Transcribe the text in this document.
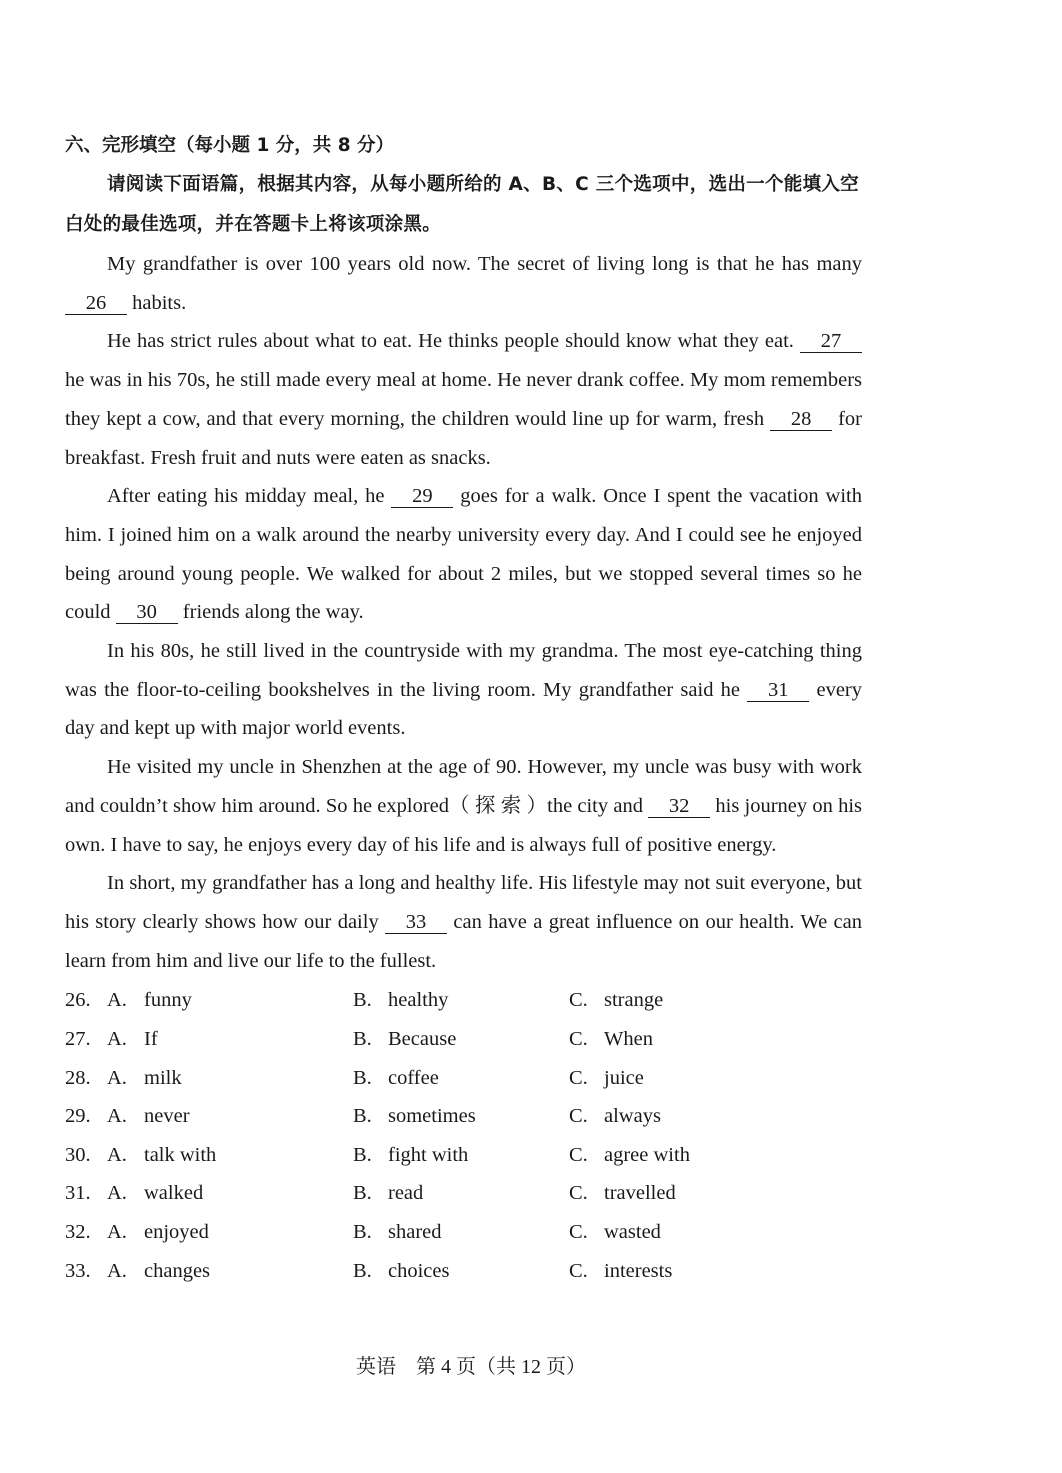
六、完形填空（每小题 1 分，共 8 分）

请阅读下面语篇，根据其内容，从每小题所给的 A、B、C 三个选项中，选出一个能填入空白处的最佳选项，并在答题卡上将该项涂黑。

My grandfather is over 100 years old now. The secret of living long is that he has many 26 habits.

He has strict rules about what to eat. He thinks people should know what they eat. 27 he was in his 70s, he still made every meal at home. He never drank coffee. My mom remembers they kept a cow, and that every morning, the children would line up for warm, fresh 28 for breakfast. Fresh fruit and nuts were eaten as snacks.

After eating his midday meal, he 29 goes for a walk. Once I spent the vacation with him. I joined him on a walk around the nearby university every day. And I could see he enjoyed being around young people. We walked for about 2 miles, but we stopped several times so he could 30 friends along the way.

In his 80s, he still lived in the countryside with my grandma. The most eye-catching thing was the floor-to-ceiling bookshelves in the living room. My grandfather said he 31 every day and kept up with major world events.

He visited my uncle in Shenzhen at the age of 90. However, my uncle was busy with work and couldn’t show him around. So he explored（ 探 索 ）the city and 32 his journey on his own. I have to say, he enjoys every day of his life and is always full of positive energy.

In short, my grandfather has a long and healthy life. His lifestyle may not suit everyone, but his story clearly shows how our daily 33 can have a great influence on our health. We can learn from him and live our life to the fullest.

26. A. funny	B. healthy	C. strange
27. A. If	B. Because	C. When
28. A. milk	B. coffee	C. juice
29. A. never	B. sometimes	C. always
30. A. talk with	B. fight with	C. agree with
31. A. walked	B. read	C. travelled
32. A. enjoyed	B. shared	C. wasted
33. A. changes	B. choices	C. interests
英语　第 4 页（共 12 页）
